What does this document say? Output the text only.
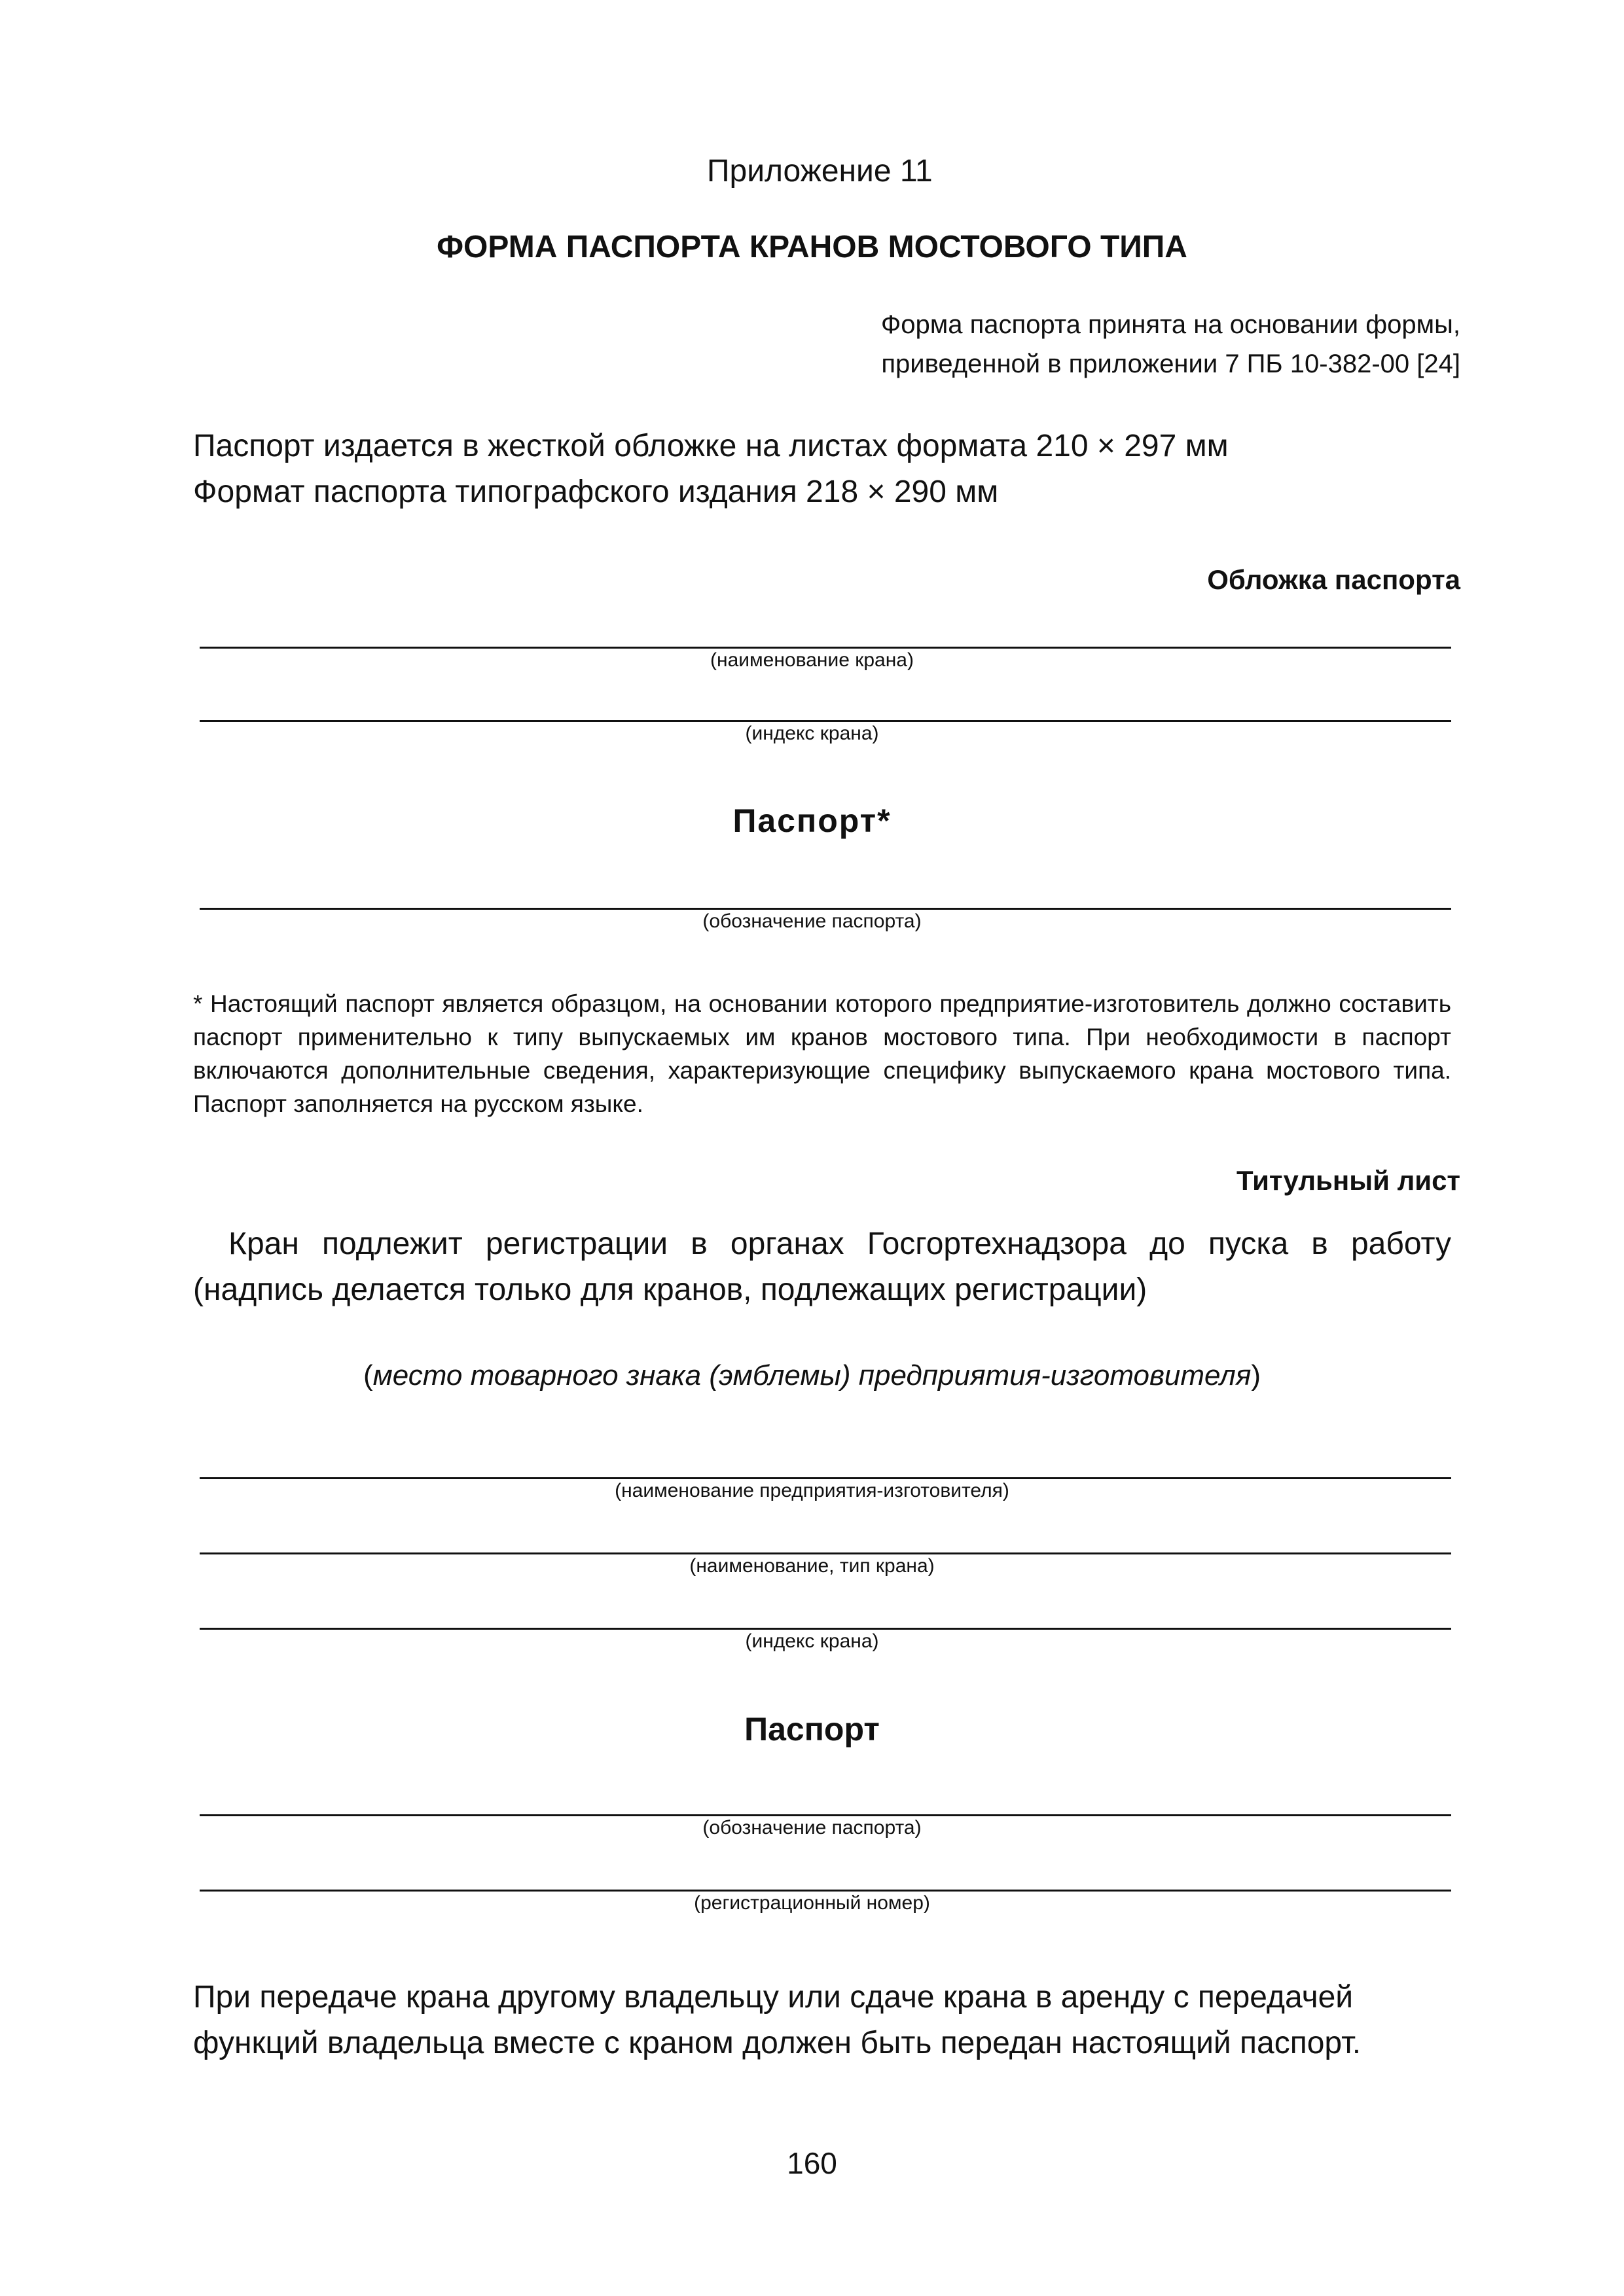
Приложение 11
ФОРМА ПАСПОРТА КРАНОВ МОСТОВОГО ТИПА
Форма паспорта принята на основании формы,
приведенной в приложении 7 ПБ 10-382-00 [24]
Паспорт издается в жесткой обложке на листах формата 210 × 297 мм
Формат паспорта типографского издания 218 × 290 мм
Обложка паспорта
(наименование крана)
(индекс крана)
Паспорт*
(обозначение паспорта)
* Настоящий паспорт является образцом, на основании которого предприятие-изготовитель должно составить паспорт применительно к типу выпускаемых им кранов мостового типа. При необходимости в паспорт включаются дополнительные сведения, характеризующие специфику выпускаемого крана мостового типа. Паспорт заполняется на русском языке.
Титульный лист
Кран подлежит регистрации в органах Госгортехнадзора до пуска в работу (надпись делается только для кранов, подлежащих регистрации)
(место товарного знака (эмблемы) предприятия-изготовителя)
(наименование предприятия-изготовителя)
(наименование, тип крана)
(индекс крана)
Паспорт
(обозначение паспорта)
(регистрационный номер)
При передаче крана другому владельцу или сдаче крана в аренду с передачей
функций владельца вместе с краном должен быть передан настоящий паспорт.
160
